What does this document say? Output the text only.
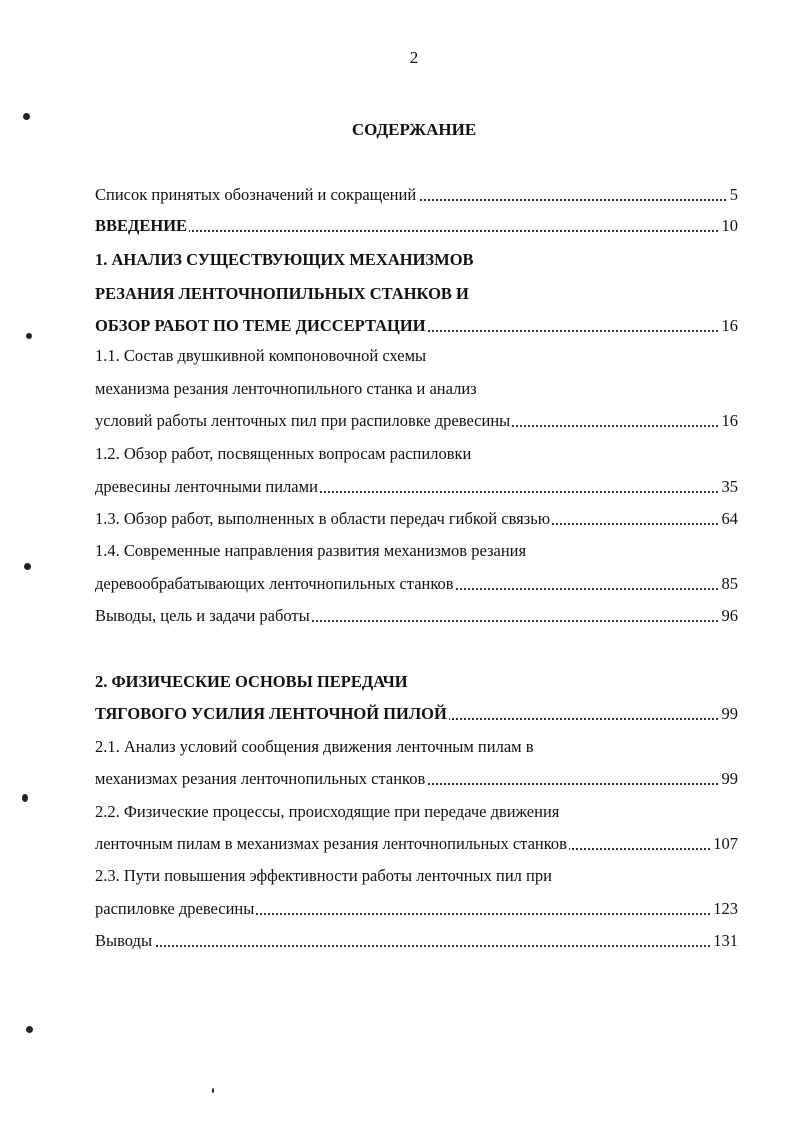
2
СОДЕРЖАНИЕ
Список принятых обозначений и сокращений	5
ВВЕДЕНИЕ	10
1. АНАЛИЗ СУЩЕСТВУЮЩИХ МЕХАНИЗМОВ
РЕЗАНИЯ ЛЕНТОЧНОПИЛЬНЫХ СТАНКОВ И
ОБЗОР РАБОТ ПО ТЕМЕ ДИССЕРТАЦИИ	16
1.1. Состав двушкивной компоновочной схемы
механизма резания ленточнопильного станка и анализ
условий работы ленточных пил при распиловке древесины	16
1.2. Обзор работ, посвященных вопросам распиловки
древесины ленточными пилами	35
1.3. Обзор работ, выполненных в области передач гибкой связью	64
1.4. Современные направления развития механизмов резания
деревообрабатывающих ленточнопильных станков	85
Выводы, цель и задачи работы	96
2. ФИЗИЧЕСКИЕ ОСНОВЫ ПЕРЕДАЧИ
ТЯГОВОГО УСИЛИЯ ЛЕНТОЧНОЙ ПИЛОЙ	99
2.1. Анализ условий сообщения движения ленточным пилам в
механизмах резания ленточнопильных станков	99
2.2. Физические процессы, происходящие при передаче движения
ленточным пилам в механизмах резания ленточнопильных станков	107
2.3. Пути повышения эффективности работы ленточных пил при
распиловке древесины	123
Выводы	131
